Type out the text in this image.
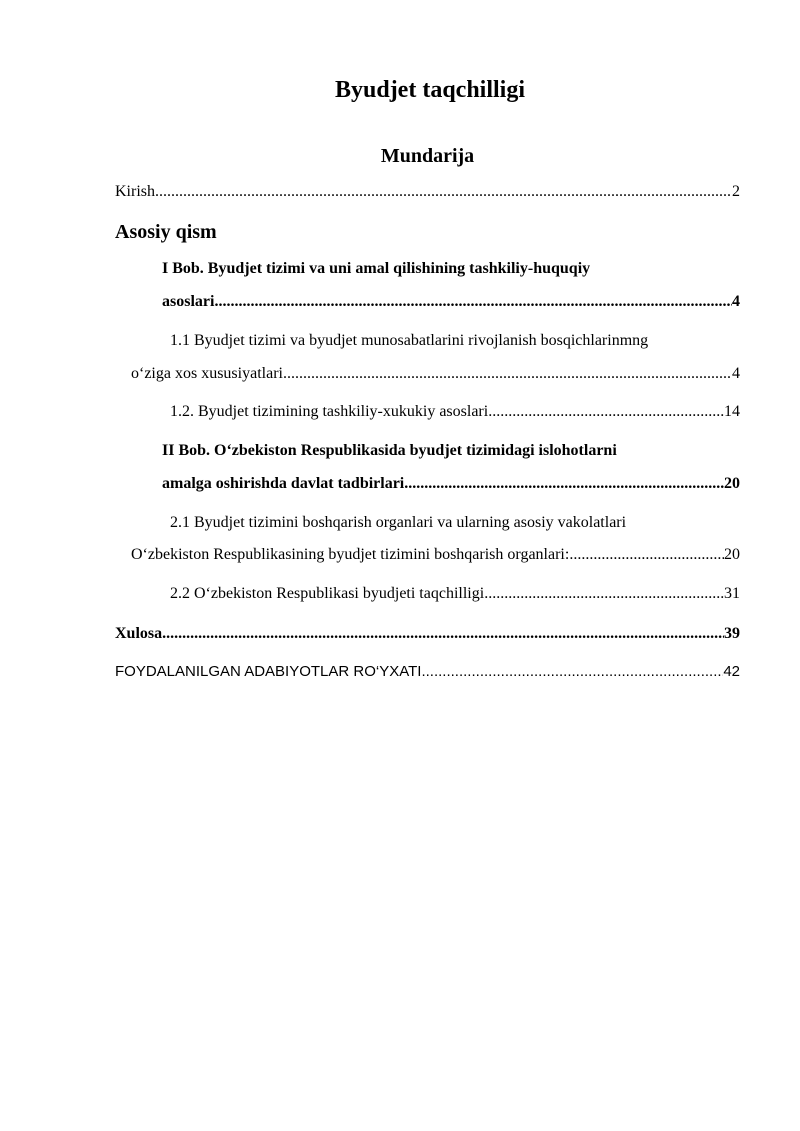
Byudjet taqchilligi
Mundarija
Kirish .....	2
Asosiy qism
I Bob. Byudjet tizimi va uni amal qilishining tashkiliy-huquqiy
asoslari .....	4
1.1 Byudjet tizimi va byudjet munosabatlarini rivojlanish bosqichlarinmng
o‘ziga xos xususiyatlari .....	4
1.2. Byudjet tizimining tashkiliy-xukukiy asoslari .....	14
II Bob. O‘zbekiston Respublikasida byudjet tizimidagi islohotlarni
amalga oshirishda davlat tadbirlari .....	20
2.1 Byudjet tizimini boshqarish organlari va ularning asosiy vakolatlari
O‘zbekiston Respublikasining byudjet tizimini boshqarish organlari: .....	20
2.2 O‘zbekiston Respublikasi byudjeti taqchilligi .....	31
Xulosa .....	39
FOYDALANILGAN ADABIYOTLAR RO‘YXATI .....	42
